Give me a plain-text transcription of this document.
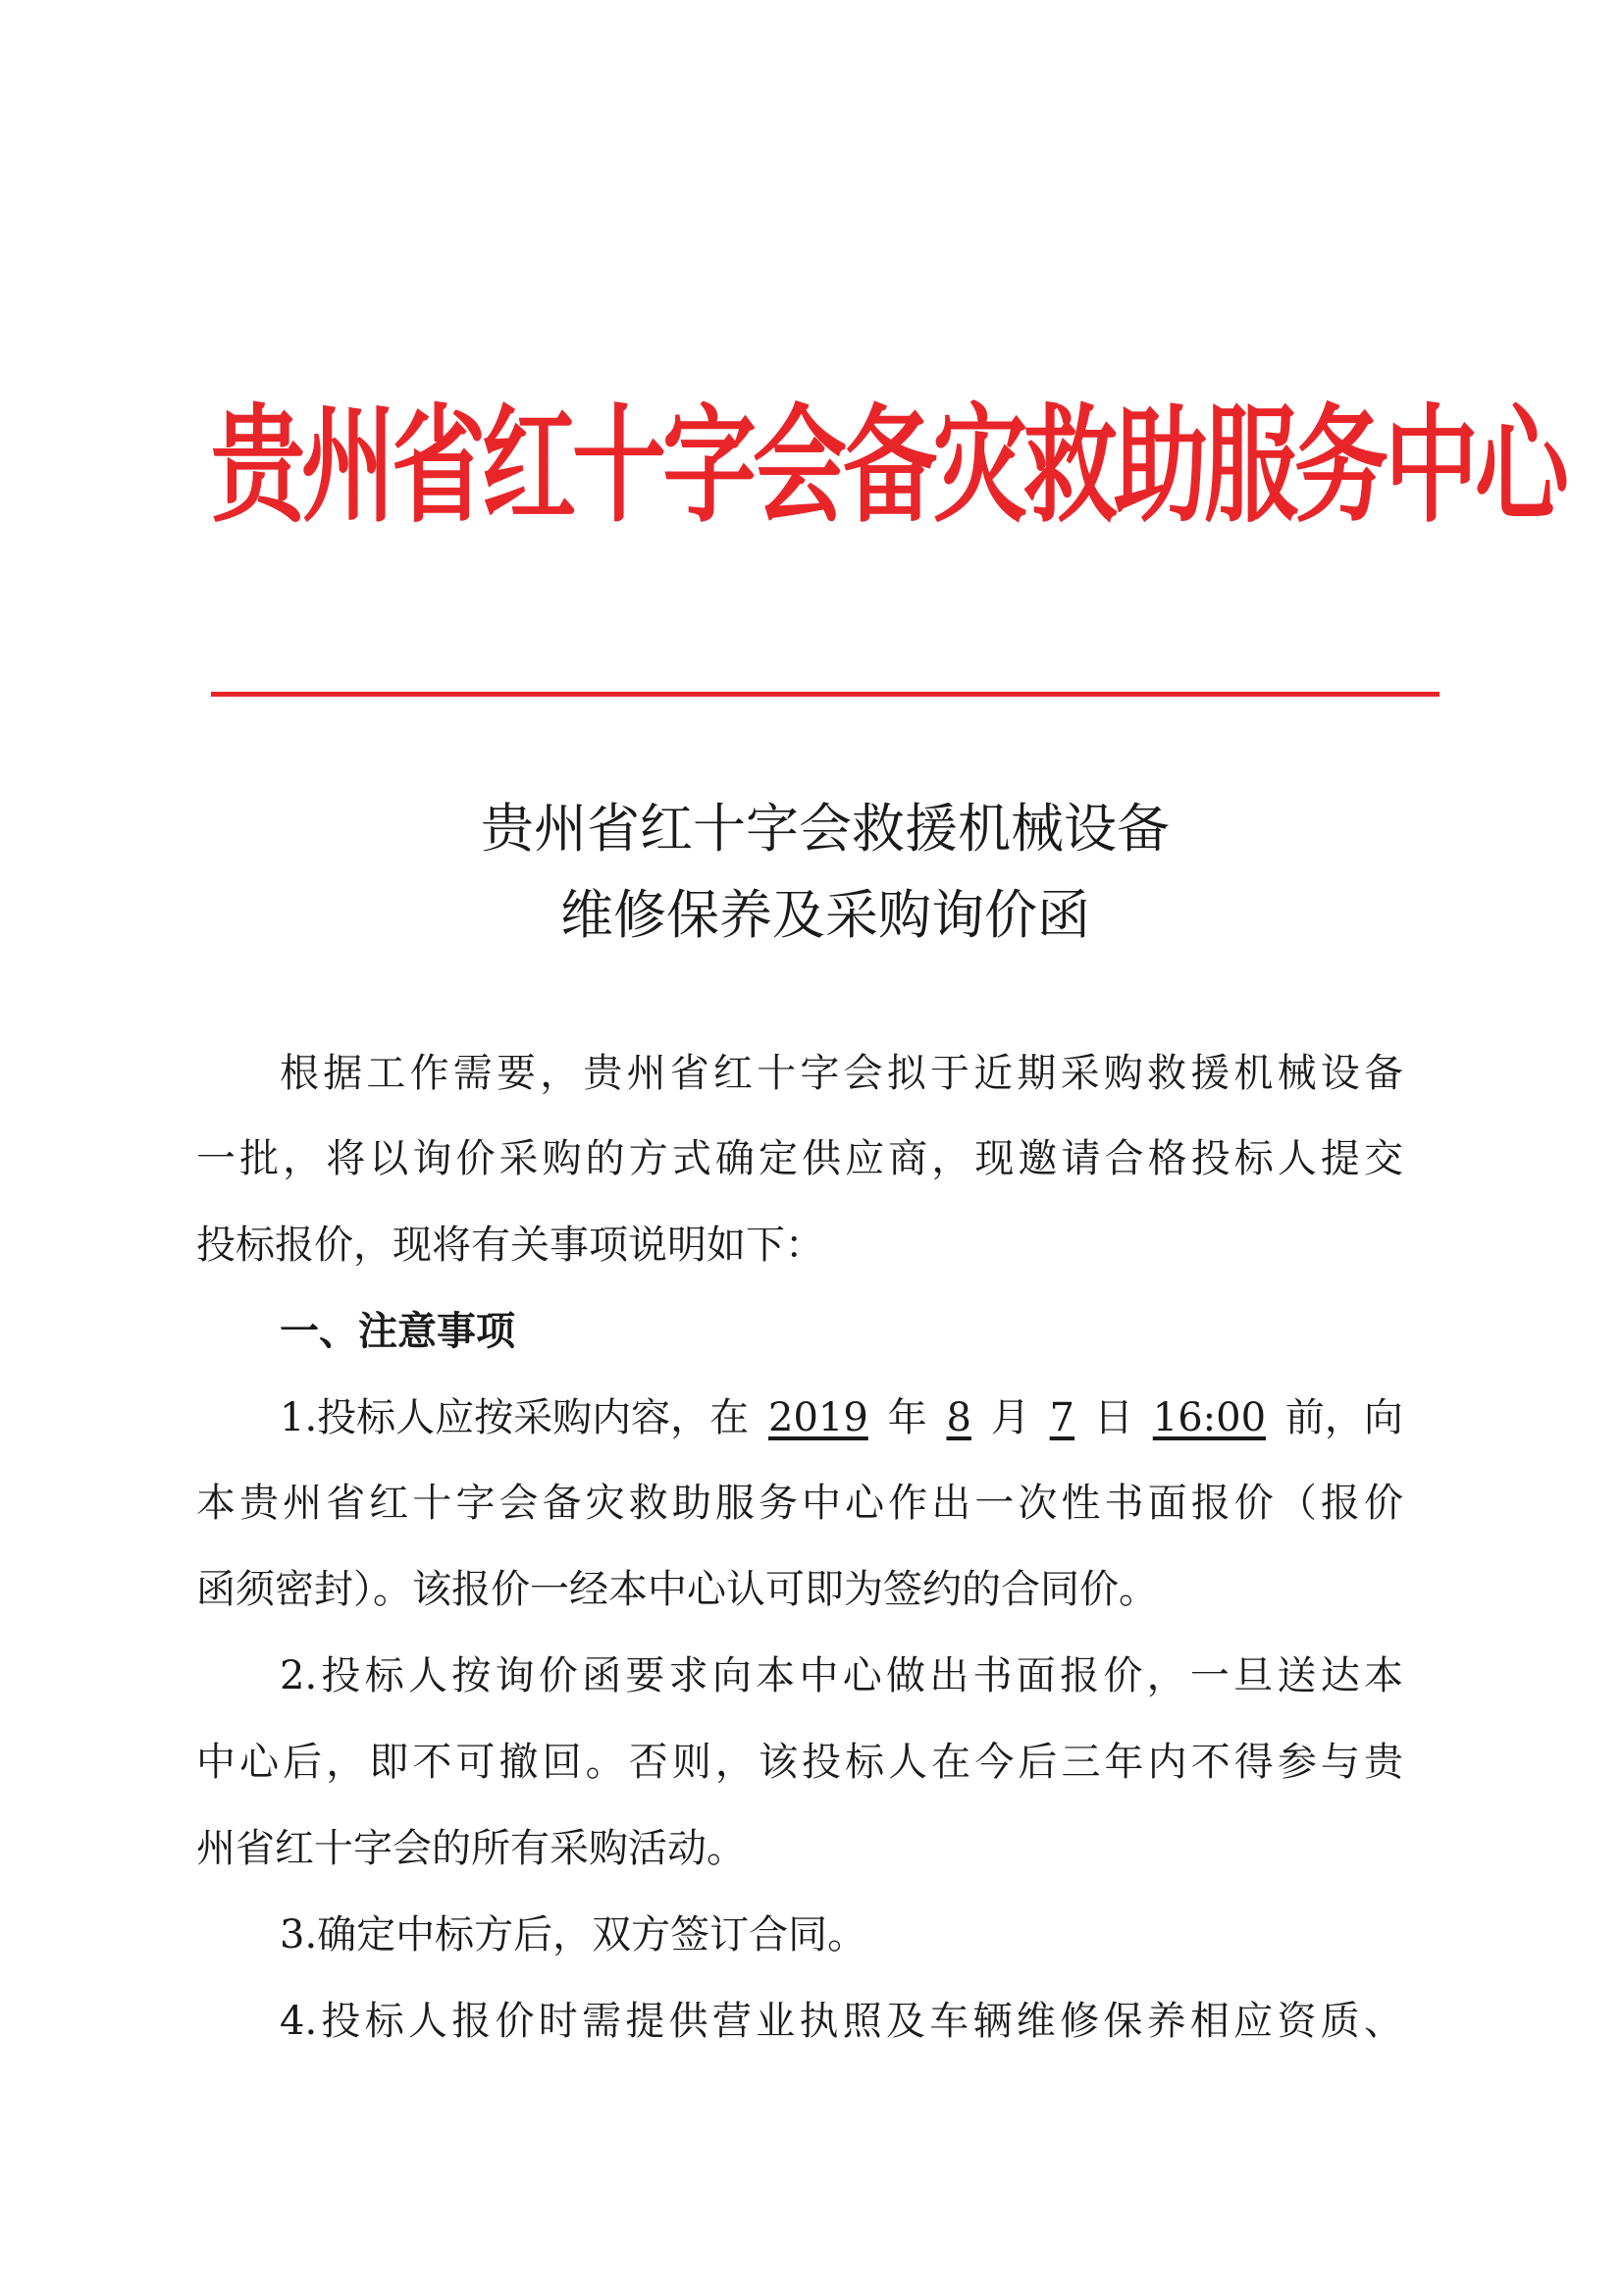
贵州省红十字会备灾救助服务中心
贵州省红十字会救援机械设备
维修保养及采购询价函
根据工作需要，贵州省红十字会拟于近期采购救援机械设备
一批，将以询价采购的方式确定供应商，现邀请合格投标人提交
投标报价，现将有关事项说明如下：
一、注意事项
1.投标人应按采购内容，在 2019 年 8 月 7 日 16:00 前，向
本贵州省红十字会备灾救助服务中心作出一次性书面报价（报价
函须密封）。该报价一经本中心认可即为签约的合同价。
2.投标人按询价函要求向本中心做出书面报价，一旦送达本
中心后，即不可撤回。否则，该投标人在今后三年内不得参与贵
州省红十字会的所有采购活动。
3.确定中标方后，双方签订合同。
4.投标人报价时需提供营业执照及车辆维修保养相应资质、
